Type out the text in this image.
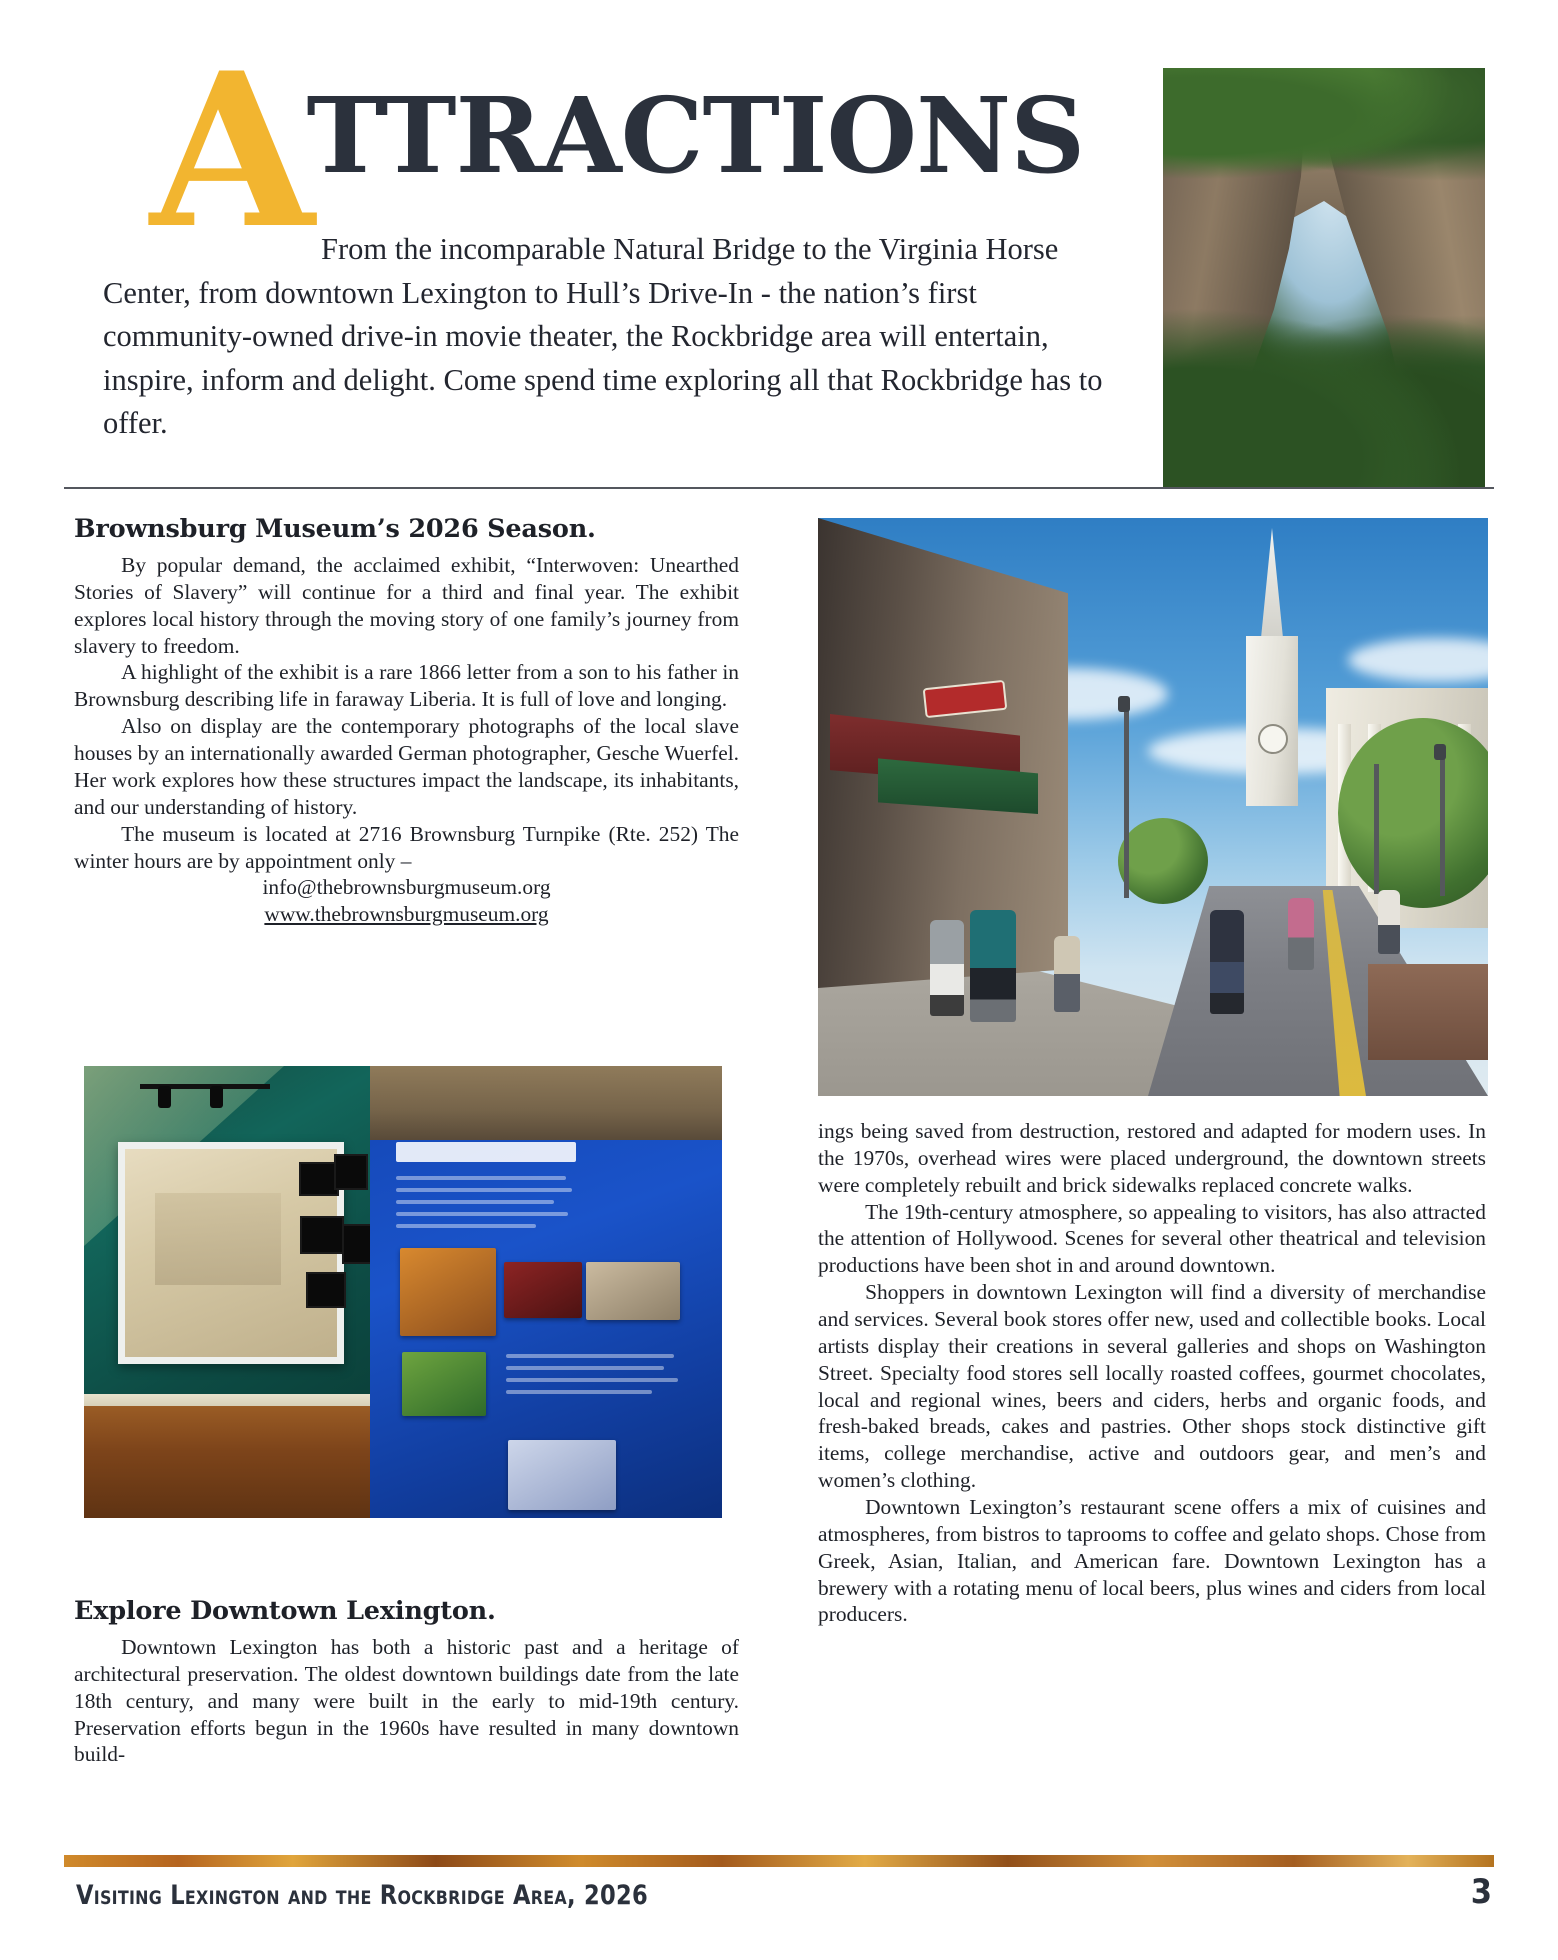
A
TTRACTIONS
From the incomparable Natural Bridge to the Virginia Horse Center, from downtown Lexington to Hull’s Drive-In - the nation’s first community-owned drive-in movie theater, the Rockbridge area will entertain, inspire, inform and delight. Come spend time exploring all that Rockbridge has to offer.
Brownsburg Museum’s 2026 Season.

By popular demand, the acclaimed exhibit, “Interwoven: Unearthed Stories of Slavery” will continue for a third and final year. The exhibit explores local history through the moving story of one family’s journey from slavery to freedom.

A highlight of the exhibit is a rare 1866 letter from a son to his father in Brownsburg describing life in faraway Liberia. It is full of love and longing.

Also on display are the contemporary photographs of the local slave houses by an internationally awarded German photographer, Gesche Wuerfel. Her work explores how these structures impact the landscape, its inhabitants, and our understanding of history.

The museum is located at 2716 Brownsburg Turnpike (Rte. 252) The winter hours are by appointment only –

info@thebrownsburgmuseum.org
www.thebrownsburgmuseum.org
Explore Downtown Lexington.

Downtown Lexington has both a historic past and a heritage of architectural preservation. The oldest downtown buildings date from the late 18th century, and many were built in the early to mid-19th century. Preservation efforts begun in the 1960s have resulted in many downtown build-

ings being saved from destruction, restored and adapted for modern uses. In the 1970s, overhead wires were placed underground, the downtown streets were completely rebuilt and brick sidewalks replaced concrete walks.

The 19th-century atmosphere, so appealing to visitors, has also attracted the attention of Hollywood. Scenes for several other theatrical and television productions have been shot in and around downtown.

Shoppers in downtown Lexington will find a diversity of merchandise and services. Several book stores offer new, used and collectible books. Local artists display their creations in several galleries and shops on Washington Street. Specialty food stores sell locally roasted coffees, gourmet chocolates, local and regional wines, beers and ciders, herbs and organic foods, and fresh-baked breads, cakes and pastries. Other shops stock distinctive gift items, college merchandise, active and outdoors gear, and men’s and women’s clothing.

Downtown Lexington’s restaurant scene offers a mix of cuisines and atmospheres, from bistros to taprooms to coffee and gelato shops. Chose from Greek, Asian, Italian, and American fare. Downtown Lexington has a brewery with a rotating menu of local beers, plus wines and ciders from local producers.

Visiting Lexington and the Rockbridge Area, 2026	3
